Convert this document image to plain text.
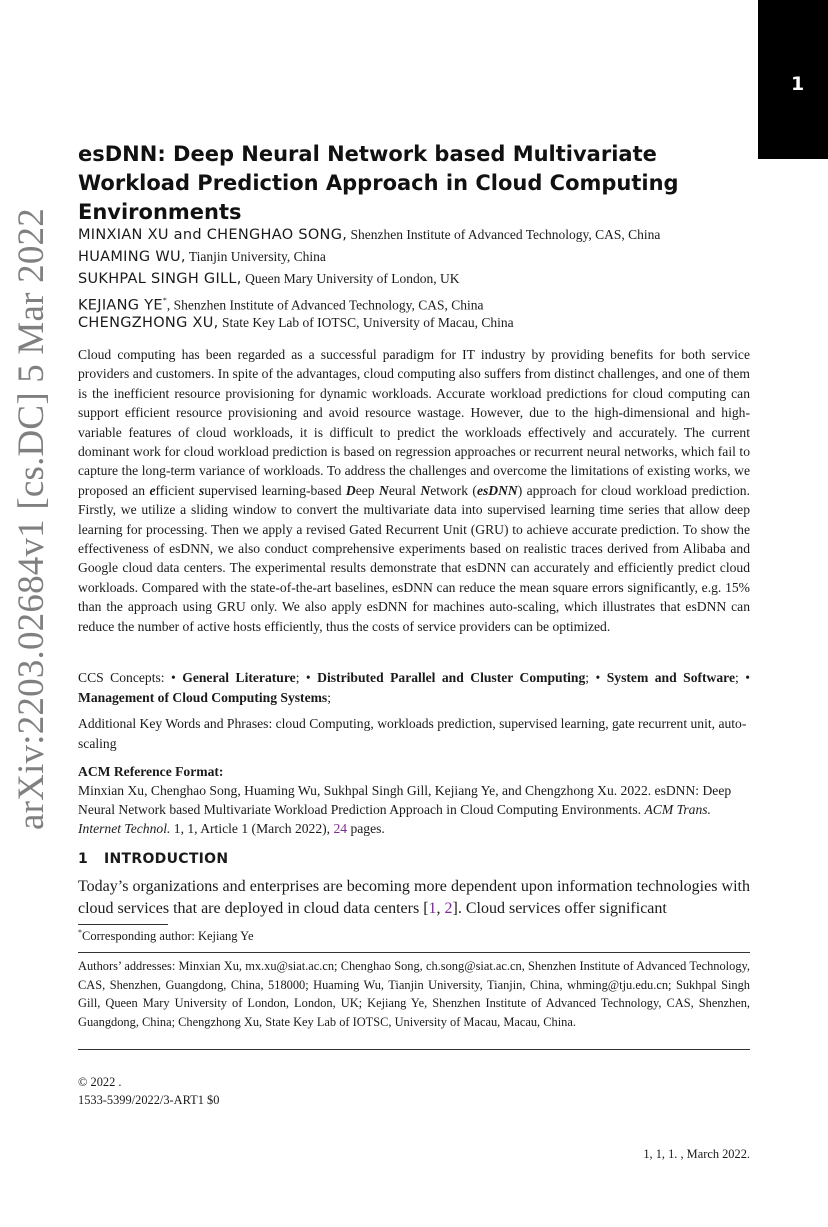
1
arXiv:2203.02684v1 [cs.DC] 5 Mar 2022
esDNN: Deep Neural Network based Multivariate Workload Prediction Approach in Cloud Computing Environments
MINXIAN XU and CHENGHAO SONG, Shenzhen Institute of Advanced Technology, CAS, China
HUAMING WU, Tianjin University, China
SUKHPAL SINGH GILL, Queen Mary University of London, UK
KEJIANG YE*, Shenzhen Institute of Advanced Technology, CAS, China
CHENGZHONG XU, State Key Lab of IOTSC, University of Macau, China

Cloud computing has been regarded as a successful paradigm for IT industry by providing benefits for both service providers and customers. In spite of the advantages, cloud computing also suffers from distinct challenges, and one of them is the inefficient resource provisioning for dynamic workloads. Accurate workload predictions for cloud computing can support efficient resource provisioning and avoid resource wastage. However, due to the high-dimensional and high-variable features of cloud workloads, it is difficult to predict the workloads effectively and accurately. The current dominant work for cloud workload prediction is based on regression approaches or recurrent neural networks, which fail to capture the long-term variance of workloads. To address the challenges and overcome the limitations of existing works, we proposed an efficient supervised learning-based Deep Neural Network (esDNN) approach for cloud workload prediction. Firstly, we utilize a sliding window to convert the multivariate data into supervised learning time series that allow deep learning for processing. Then we apply a revised Gated Recurrent Unit (GRU) to achieve accurate prediction. To show the effectiveness of esDNN, we also conduct comprehensive experiments based on realistic traces derived from Alibaba and Google cloud data centers. The experimental results demonstrate that esDNN can accurately and efficiently predict cloud workloads. Compared with the state-of-the-art baselines, esDNN can reduce the mean square errors significantly, e.g. 15% than the approach using GRU only. We also apply esDNN for machines auto-scaling, which illustrates that esDNN can reduce the number of active hosts efficiently, thus the costs of service providers can be optimized.

CCS Concepts: • General Literature; • Distributed Parallel and Cluster Computing; • System and Software; • Management of Cloud Computing Systems;

Additional Key Words and Phrases: cloud Computing, workloads prediction, supervised learning, gate recurrent unit, auto-scaling

ACM Reference Format:
Minxian Xu, Chenghao Song, Huaming Wu, Sukhpal Singh Gill, Kejiang Ye, and Chengzhong Xu. 2022. esDNN: Deep Neural Network based Multivariate Workload Prediction Approach in Cloud Computing Environments. ACM Trans. Internet Technol. 1, 1, Article 1 (March 2022), 24 pages.
1 INTRODUCTION

Today’s organizations and enterprises are becoming more dependent upon information technologies with cloud services that are deployed in cloud data centers [1, 2]. Cloud services offer significant

*Corresponding author: Kejiang Ye

Authors’ addresses: Minxian Xu, mx.xu@siat.ac.cn; Chenghao Song, ch.song@siat.ac.cn, Shenzhen Institute of Advanced Technology, CAS, Shenzhen, Guangdong, China, 518000; Huaming Wu, Tianjin University, Tianjin, China, whming@tju.edu.cn; Sukhpal Singh Gill, Queen Mary University of London, London, UK; Kejiang Ye, Shenzhen Institute of Advanced Technology, CAS, Shenzhen, Guangdong, China; Chengzhong Xu, State Key Lab of IOTSC, University of Macau, Macau, China.

© 2022 .
1533-5399/2022/3-ART1 $0
1, 1, 1. , March 2022.
